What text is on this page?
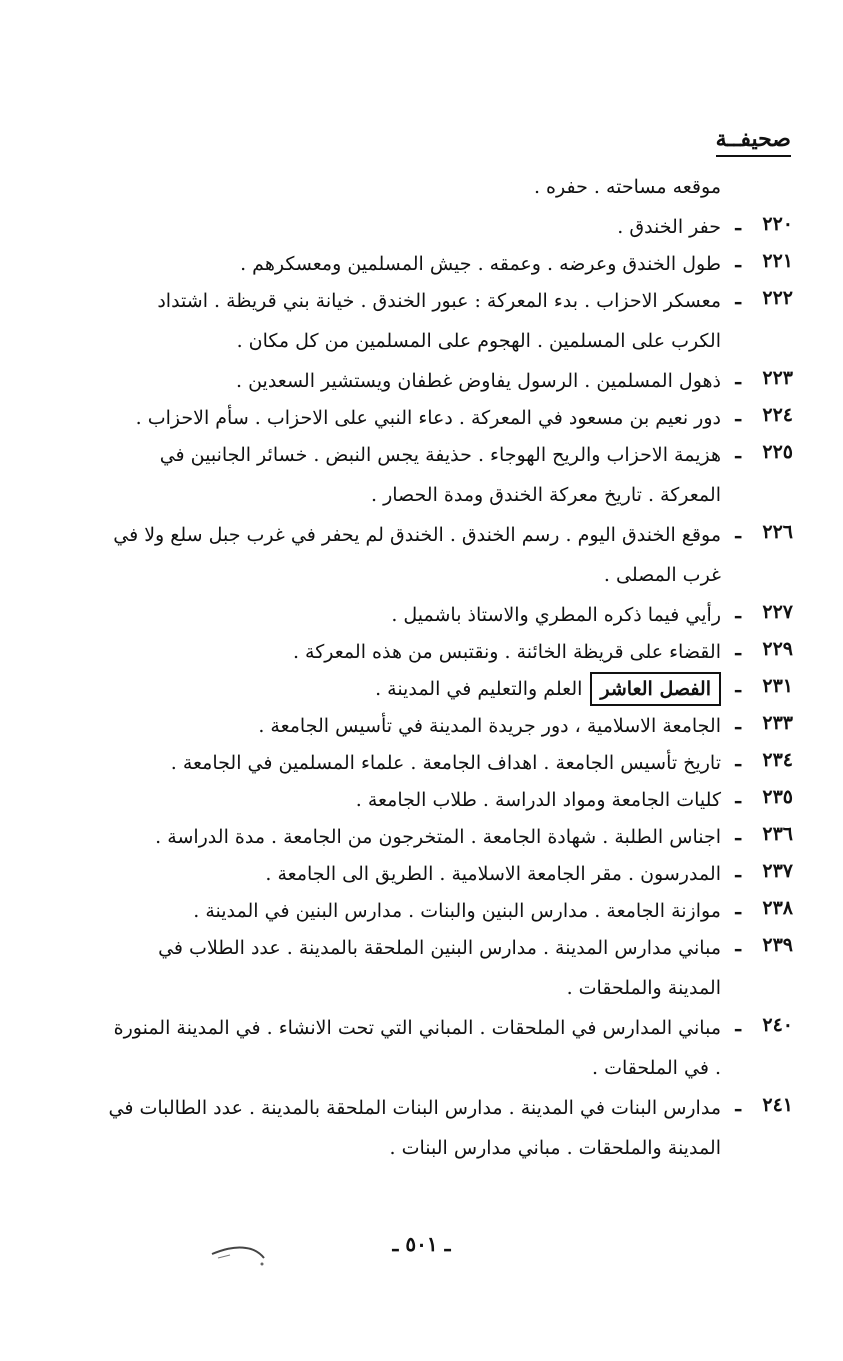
صحيفــة
موقعه مساحته . حفره .
٢٢٠
ـ
حفر الخندق .
٢٢١
ـ
طول الخندق وعرضه . وعمقه . جيش المسلمين ومعسكرهم .
٢٢٢
ـ
معسكر الاحزاب . بدء المعركة : عبور الخندق . خيانة بني قريظة . اشتداد الكرب على المسلمين . الهجوم على المسلمين من كل مكان .
٢٢٣
ـ
ذهول المسلمين . الرسول يفاوض غطفان ويستشير السعدين .
٢٢٤
ـ
دور نعيم بن مسعود في المعركة . دعاء النبي على الاحزاب . سأم الاحزاب .
٢٢٥
ـ
هزيمة الاحزاب والريح الهوجاء . حذيفة يجس النبض . خسائر الجانبين في المعركة . تاريخ معركة الخندق ومدة الحصار .
٢٢٦
ـ
موقع الخندق اليوم . رسم الخندق . الخندق لم يحفر في غرب جبل سلع ولا في غرب المصلى .
٢٢٧
ـ
رأيي فيما ذكره المطري والاستاذ باشميل .
٢٢٩
ـ
القضاء على قريظة الخائنة . ونقتبس من هذه المعركة .
٢٣١
ـ
الفصل العاشرالعلم والتعليم في المدينة .
٢٣٣
ـ
الجامعة الاسلامية ، دور جريدة المدينة في تأسيس الجامعة .
٢٣٤
ـ
تاريخ تأسيس الجامعة . اهداف الجامعة . علماء المسلمين في الجامعة .
٢٣٥
ـ
كليات الجامعة ومواد الدراسة . طلاب الجامعة .
٢٣٦
ـ
اجناس الطلبة . شهادة الجامعة . المتخرجون من الجامعة . مدة الدراسة .
٢٣٧
ـ
المدرسون . مقر الجامعة الاسلامية . الطريق الى الجامعة .
٢٣٨
ـ
موازنة الجامعة . مدارس البنين والبنات . مدارس البنين في المدينة .
٢٣٩
ـ
مباني مدارس المدينة . مدارس البنين الملحقة بالمدينة . عدد الطلاب في المدينة والملحقات .
٢٤٠
ـ
مباني المدارس في الملحقات . المباني التي تحت الانشاء . في المدينة المنورة . في الملحقات .
٢٤١
ـ
مدارس البنات في المدينة . مدارس البنات الملحقة بالمدينة . عدد الطالبات في المدينة والملحقات . مباني مدارس البنات .
ـ ٥٠١ ـ
